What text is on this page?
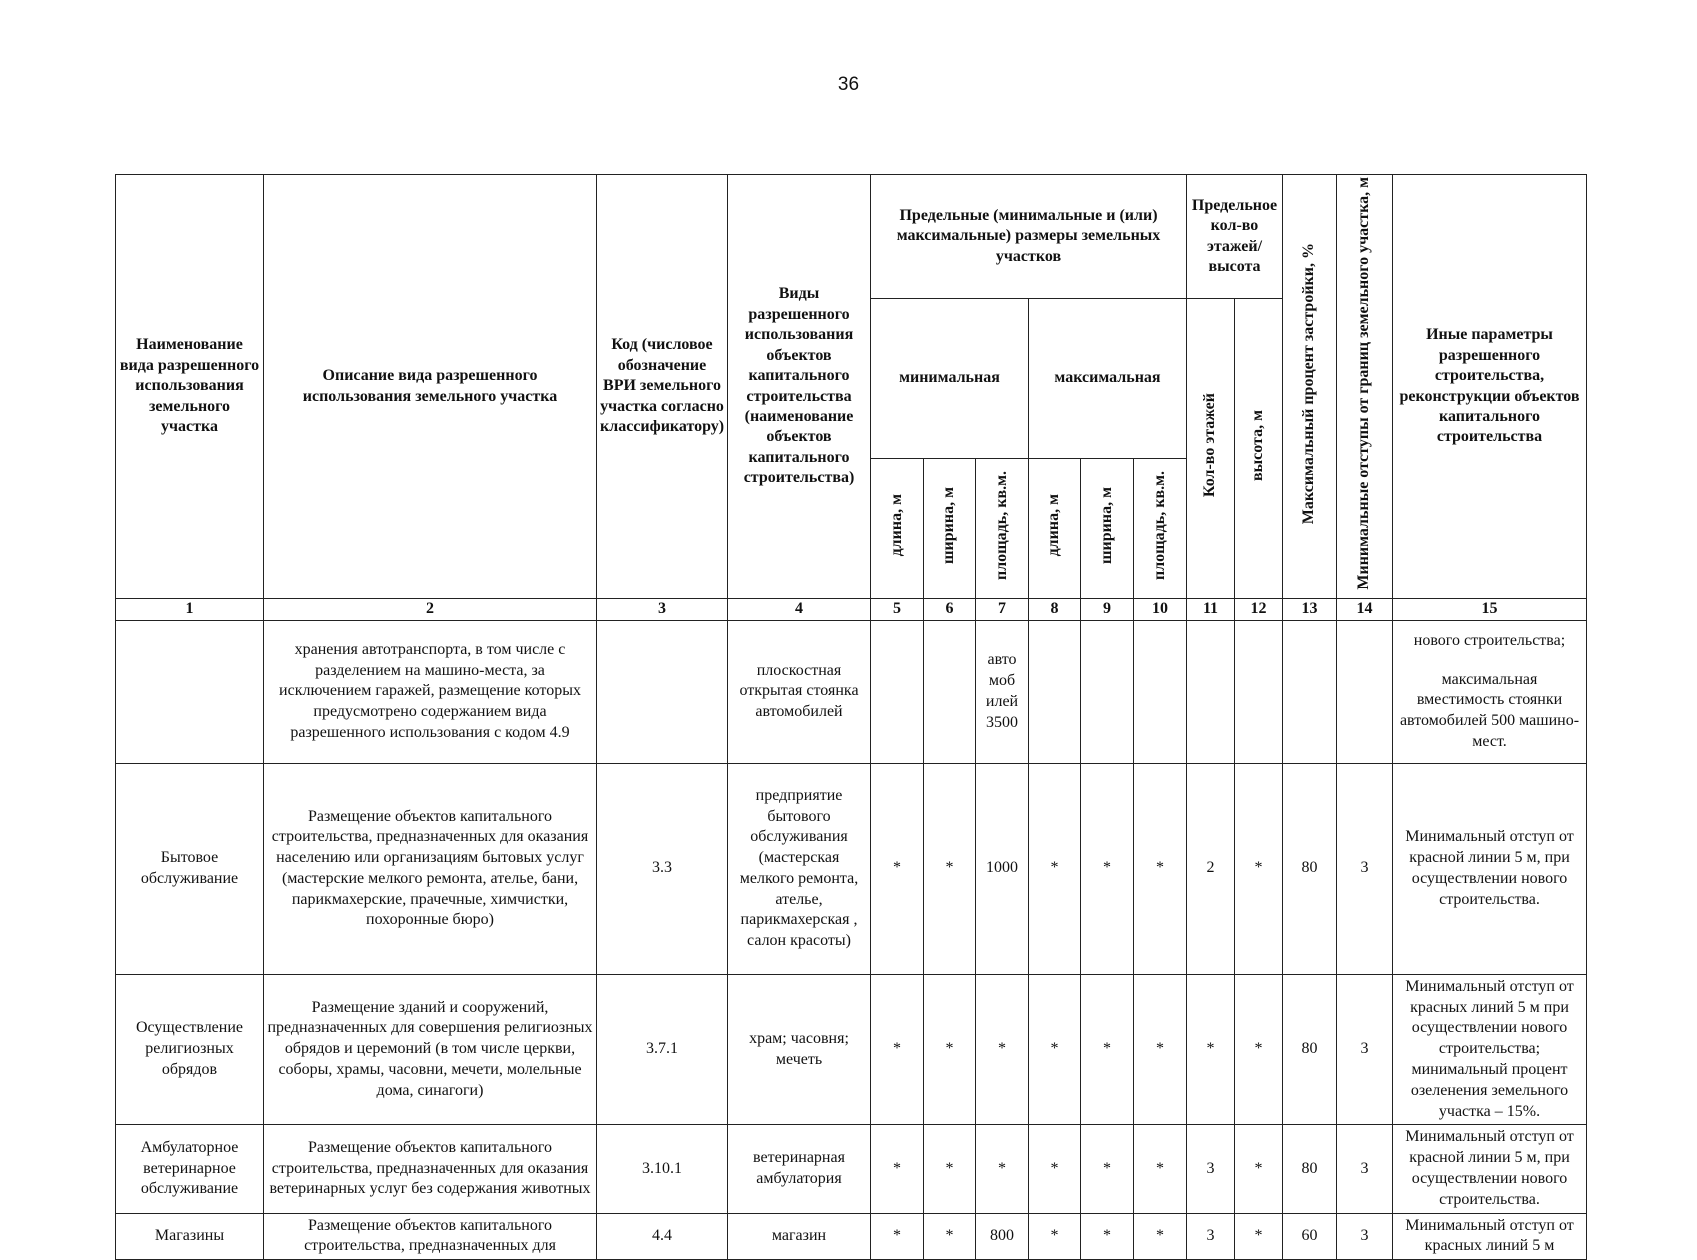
36
Наименование вида разрешенного использования земельного участка	Описание вида разрешенного использования земельного участка	Код (числовое обозначение ВРИ земельного участка согласно классификатору)	Виды разрешенного использования объектов капитального строительства (наименование объектов капитального строительства)	Предельные (минимальные и (или) максимальные) размеры земельных участков						Предельное кол-во этажей/ высота		Максимальный процент застройки, %	Минимальные отступы от границ земельного участка, м	Иные параметры разрешенного строительства, реконструкции объектов капитального строительства
				минимальная			максимальная			Кол-во этажей	высота, м			
				длина, м	ширина, м	площадь, кв.м.	длина, м	ширина, м	площадь, кв.м.					
1	2	3	4	5	6	7	8	9	10	11	12	13	14	15
	хранения автотранспорта, в том числе с разделением на машино-места, за исключением гаражей, размещение которых предусмотрено содержанием вида разрешенного использования с кодом 4.9		плоскостная открытая стоянка автомобилей			авто моб илей 3500								нового строительства;
максимальная вместимость стоянки автомобилей 500 машино-мест.
Бытовое обслуживание	Размещение объектов капитального строительства, предназначенных для оказания населению или организациям бытовых услуг (мастерские мелкого ремонта, ателье, бани, парикмахерские, прачечные, химчистки, похоронные бюро)	3.3	предприятие бытового обслуживания (мастерская мелкого ремонта, ателье, парикмахерская , салон красоты)	*	*	1000	*	*	*	2	*	80	3	Минимальный отступ от красной линии 5 м, при осуществлении нового строительства.
Осуществление религиозных обрядов	Размещение зданий и сооружений, предназначенных для совершения религиозных обрядов и церемоний (в том числе церкви, соборы, храмы, часовни, мечети, молельные дома, синагоги)	3.7.1	храм; часовня; мечеть	*	*	*	*	*	*	*	*	80	3	Минимальный отступ от красных линий 5 м при осуществлении нового строительства; минимальный процент озеленения земельного участка – 15%.
Амбулаторное ветеринарное обслуживание	Размещение объектов капитального строительства, предназначенных для оказания ветеринарных услуг без содержания животных	3.10.1	ветеринарная амбулатория	*	*	*	*	*	*	3	*	80	3	Минимальный отступ от красной линии 5 м, при осуществлении нового строительства.
Магазины	Размещение объектов капитального строительства, предназначенных для	4.4	магазин	*	*	800	*	*	*	3	*	60	3	Минимальный отступ от красных линий 5 м
